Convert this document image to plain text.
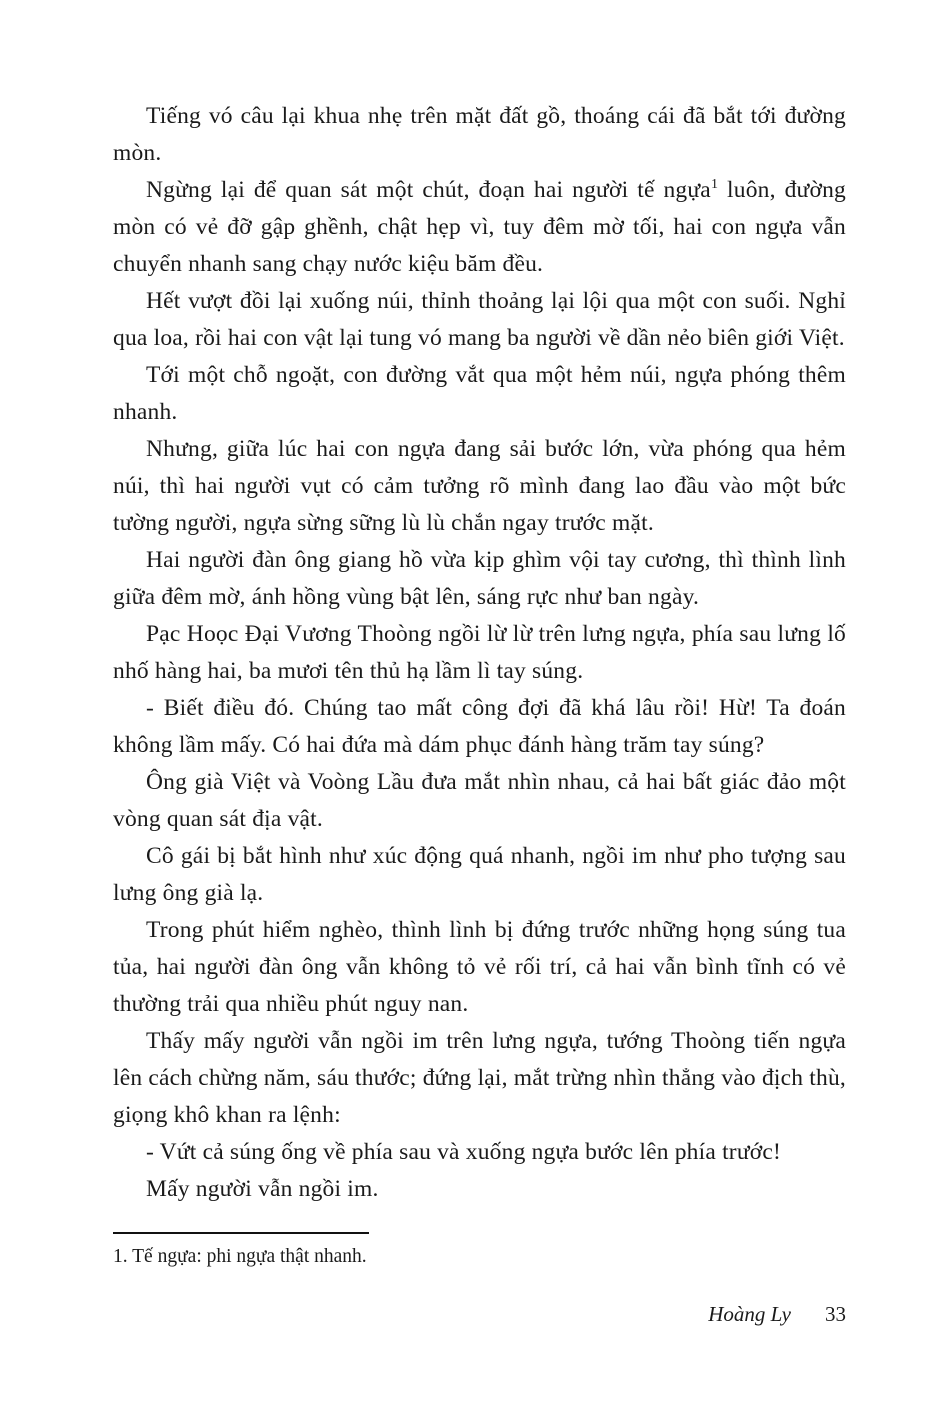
Tiếng vó câu lại khua nhẹ trên mặt đất gồ, thoáng cái đã bắt tới đường mòn.

Ngừng lại để quan sát một chút, đoạn hai người tế ngựa$^1$ luôn, đường mòn có vẻ đỡ gập ghềnh, chật hẹp vì, tuy đêm mờ tối, hai con ngựa vẫn chuyển nhanh sang chạy nước kiệu băm đều.

Hết vượt đồi lại xuống núi, thỉnh thoảng lại lội qua một con suối. Nghỉ qua loa, rồi hai con vật lại tung vó mang ba người về dần nẻo biên giới Việt.

Tới một chỗ ngoặt, con đường vắt qua một hẻm núi, ngựa phóng thêm nhanh.

Nhưng, giữa lúc hai con ngựa đang sải bước lớn, vừa phóng qua hẻm núi, thì hai người vụt có cảm tưởng rõ mình đang lao đầu vào một bức tường người, ngựa sừng sững lù lù chắn ngay trước mặt.

Hai người đàn ông giang hồ vừa kịp ghìm vội tay cương, thì thình lình giữa đêm mờ, ánh hồng vùng bật lên, sáng rực như ban ngày.

Pạc Hoọc Đại Vương Thoòng ngồi lừ lừ trên lưng ngựa, phía sau lưng lố nhố hàng hai, ba mươi tên thủ hạ lầm lì tay súng.

- Biết điều đó. Chúng tao mất công đợi đã khá lâu rồi! Hừ! Ta đoán không lầm mấy. Có hai đứa mà dám phục đánh hàng trăm tay súng?

Ông già Việt và Voòng Lầu đưa mắt nhìn nhau, cả hai bất giác đảo một vòng quan sát địa vật.

Cô gái bị bắt hình như xúc động quá nhanh, ngồi im như pho tượng sau lưng ông già lạ.

Trong phút hiểm nghèo, thình lình bị đứng trước những họng súng tua tủa, hai người đàn ông vẫn không tỏ vẻ rối trí, cả hai vẫn bình tĩnh có vẻ thường trải qua nhiều phút nguy nan.

Thấy mấy người vẫn ngồi im trên lưng ngựa, tướng Thoòng tiến ngựa lên cách chừng năm, sáu thước; đứng lại, mắt trừng nhìn thẳng vào địch thù, giọng khô khan ra lệnh:

- Vứt cả súng ống về phía sau và xuống ngựa bước lên phía trước!

Mấy người vẫn ngồi im.

1. Tế ngựa: phi ngựa thật nhanh.
Hoàng Ly 33
